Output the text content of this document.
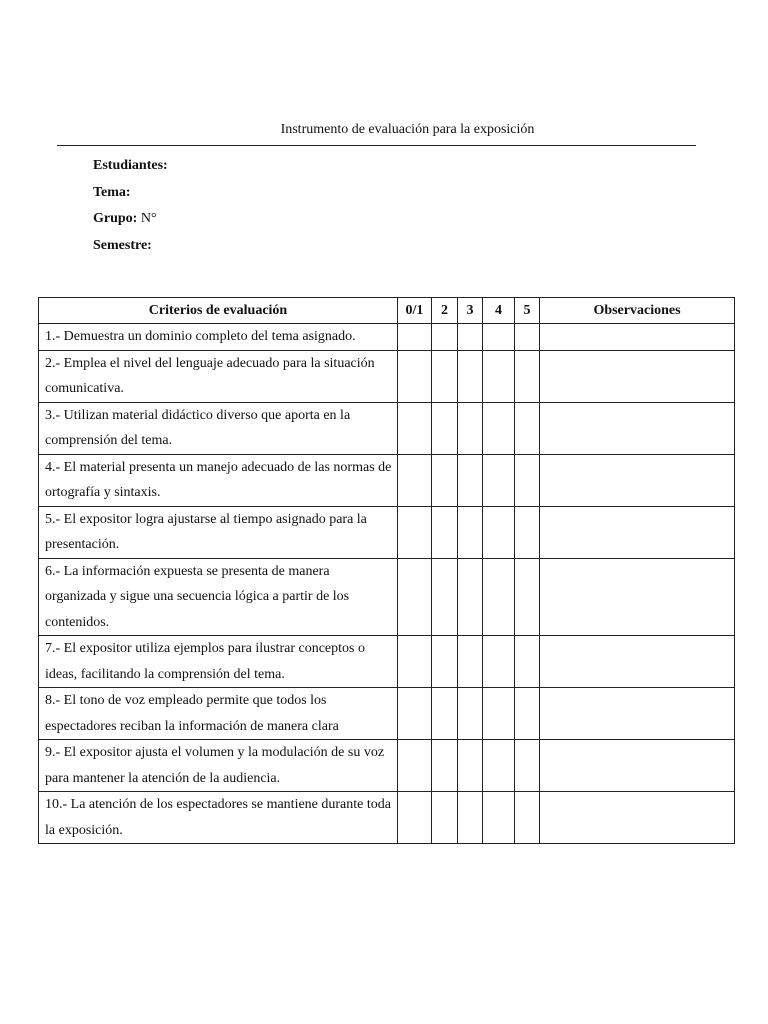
Instrumento de evaluación para la exposición
Estudiantes:
Tema:
Grupo: N°
Semestre:
Criterios de evaluación	0/1	2	3	4	5	Observaciones
1.- Demuestra un dominio completo del tema asignado.						
2.- Emplea el nivel del lenguaje adecuado para la situación comunicativa.						
3.- Utilizan material didáctico diverso que aporta en la comprensión del tema.						
4.- El material presenta un manejo adecuado de las normas de ortografía y sintaxis.						
5.- El expositor logra ajustarse al tiempo asignado para la presentación.						
6.- La información expuesta se presenta de manera organizada y sigue una secuencia lógica a partir de los contenidos.						
7.- El expositor utiliza ejemplos para ilustrar conceptos o ideas, facilitando la comprensión del tema.						
8.- El tono de voz empleado permite que todos los espectadores reciban la información de manera clara						
9.- El expositor ajusta el volumen y la modulación de su voz para mantener la atención de la audiencia.						
10.- La atención de los espectadores se mantiene durante toda la exposición.						
